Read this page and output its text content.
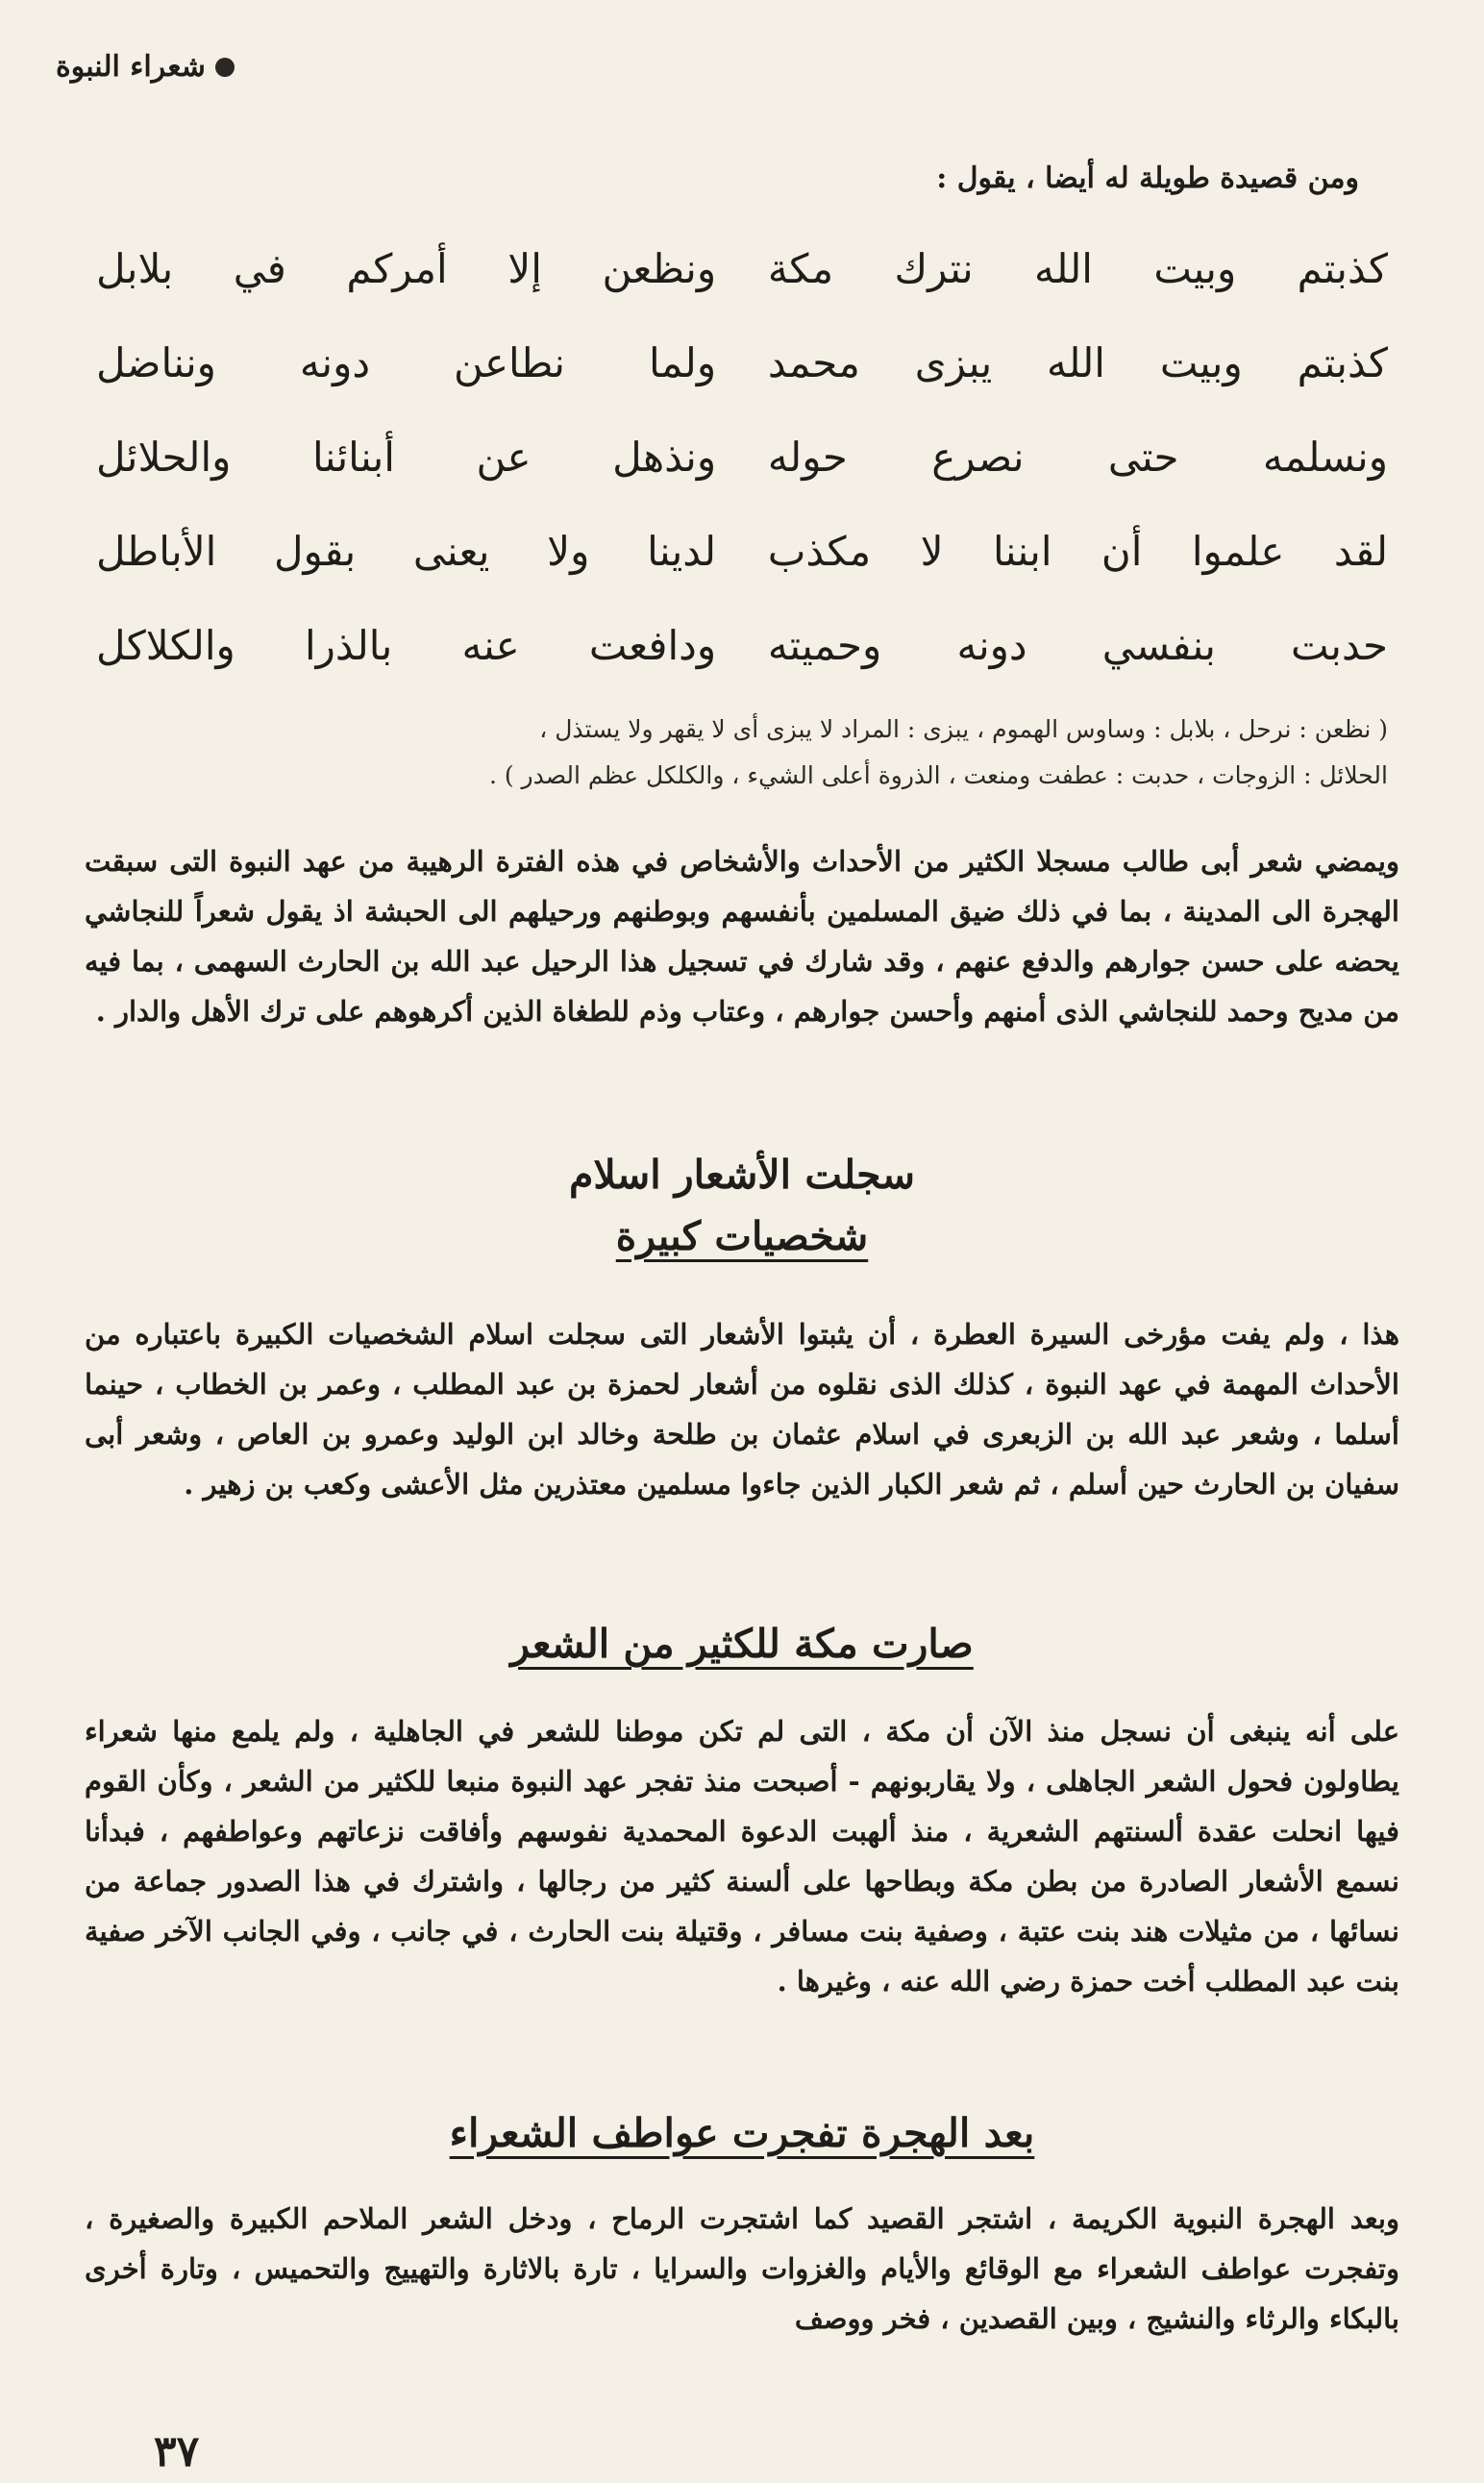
شعراء النبوة
ومن قصيدة طويلة له أيضا ، يقول :
كذبتم وبيت الله نترك مكة
ونظعن إلا أمركم في بلابل
كذبتم وبيت الله يبزى محمد
ولما نطاعن دونه ونناضل
ونسلمه حتى نصرع حوله
ونذهل عن أبنائنا والحلائل
لقد علموا أن ابننا لا مكذب
لدينا ولا يعنى بقول الأباطل
حدبت بنفسي دونه وحميته
ودافعت عنه بالذرا والكلاكل
( نظعن : نرحل ، بلابل : وساوس الهموم ، يبزى : المراد لا يبزى أى لا يقهر ولا يستذل ،
الحلائل : الزوجات ، حدبت : عطفت ومنعت ، الذروة أعلى الشيء ، والكلكل عظم الصدر ) .

ويمضي شعر أبى طالب مسجلا الكثير من الأحداث والأشخاص في هذه الفترة الرهيبة من عهد النبوة التى سبقت الهجرة الى المدينة ، بما في ذلك ضيق المسلمين بأنفسهم وبوطنهم ورحيلهم الى الحبشة اذ يقول شعراً للنجاشي يحضه على حسن جوارهم والدفع عنهم ، وقد شارك في تسجيل هذا الرحيل عبد الله بن الحارث السهمى ، بما فيه من مديح وحمد للنجاشي الذى أمنهم وأحسن جوارهم ، وعتاب وذم للطغاة الذين أكرهوهم على ترك الأهل والدار .

سجلت الأشعار اسلام
شخصيات كبيرة

هذا ، ولم يفت مؤرخى السيرة العطرة ، أن يثبتوا الأشعار التى سجلت اسلام الشخصيات الكبيرة باعتباره من الأحداث المهمة في عهد النبوة ، كذلك الذى نقلوه من أشعار لحمزة بن عبد المطلب ، وعمر بن الخطاب ، حينما أسلما ، وشعر عبد الله بن الزبعرى في اسلام عثمان بن طلحة وخالد ابن الوليد وعمرو بن العاص ، وشعر أبى سفيان بن الحارث حين أسلم ، ثم شعر الكبار الذين جاءوا مسلمين معتذرين مثل الأعشى وكعب بن زهير .

صارت مكة للكثير من الشعر

على أنه ينبغى أن نسجل منذ الآن أن مكة ، التى لم تكن موطنا للشعر في الجاهلية ، ولم يلمع منها شعراء يطاولون فحول الشعر الجاهلى ، ولا يقاربونهم - أصبحت منذ تفجر عهد النبوة منبعا للكثير من الشعر ، وكأن القوم فيها انحلت عقدة ألسنتهم الشعرية ، منذ ألهبت الدعوة المحمدية نفوسهم وأفاقت نزعاتهم وعواطفهم ، فبدأنا نسمع الأشعار الصادرة من بطن مكة وبطاحها على ألسنة كثير من رجالها ، واشترك في هذا الصدور جماعة من نسائها ، من مثيلات هند بنت عتبة ، وصفية بنت مسافر ، وقتيلة بنت الحارث ، في جانب ، وفي الجانب الآخر صفية بنت عبد المطلب أخت حمزة رضي الله عنه ، وغيرها .

بعد الهجرة تفجرت عواطف الشعراء

وبعد الهجرة النبوية الكريمة ، اشتجر القصيد كما اشتجرت الرماح ، ودخل الشعر الملاحم الكبيرة والصغيرة ، وتفجرت عواطف الشعراء مع الوقائع والأيام والغزوات والسرايا ، تارة بالاثارة والتهييج والتحميس ، وتارة أخرى بالبكاء والرثاء والنشيج ، وبين القصدين ، فخر ووصف

٣٧
